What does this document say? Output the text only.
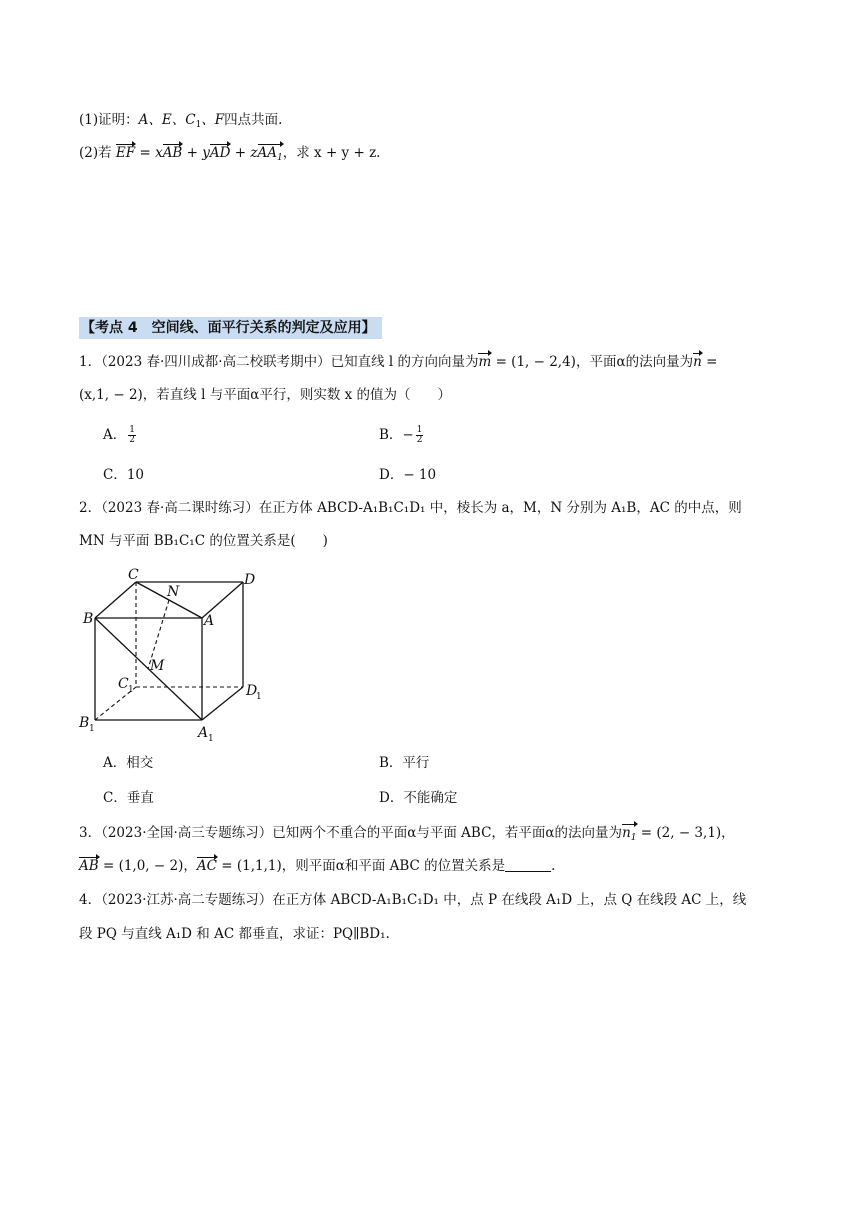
(1)证明：A、E、$C_1$、F四点共面.
(2)若 EF = xAB + yAD + zAA$_1$，求 x + y + z.
【考点 4　空间线、面平行关系的判定及应用】
1．（2023 春·四川成都·高二校联考期中）已知直线 l 的方向向量为m = (1, − 2,4)，平面α的法向量为n =
(x,1, − 2)，若直线 l 与平面α平行，则实数 x 的值为（　　）
A． $\frac{1}{2}$	B．− $\frac{1}{2}$
C．10	D．− 10
2．（2023 春·高二课时练习）在正方体 ABCD-A₁B₁C₁D₁ 中，棱长为 a，M，N 分别为 A₁B，AC 的中点，则
MN 与平面 BB₁C₁C 的位置关系是(　　)
C
N
D
B	A
M
C 1	D
1
B 1	A 1
A．相交	B．平行
C．垂直	D．不能确定
3．（2023·全国·高三专题练习）已知两个不重合的平面α与平面 ABC，若平面α的法向量为$n_1 = (2$, − 3,1)，
AB = (1,0, − 2)，AC = (1,1,1)，则平面α和平面 ABC 的位置关系是	.
4．（2023·江苏·高二专题练习）在正方体 ABCD-A₁B₁C₁D₁ 中，点 P 在线段 A₁D 上，点 Q 在线段 AC 上，线
段 PQ 与直线 A₁D 和 AC 都垂直，求证：PQ∥BD₁.
